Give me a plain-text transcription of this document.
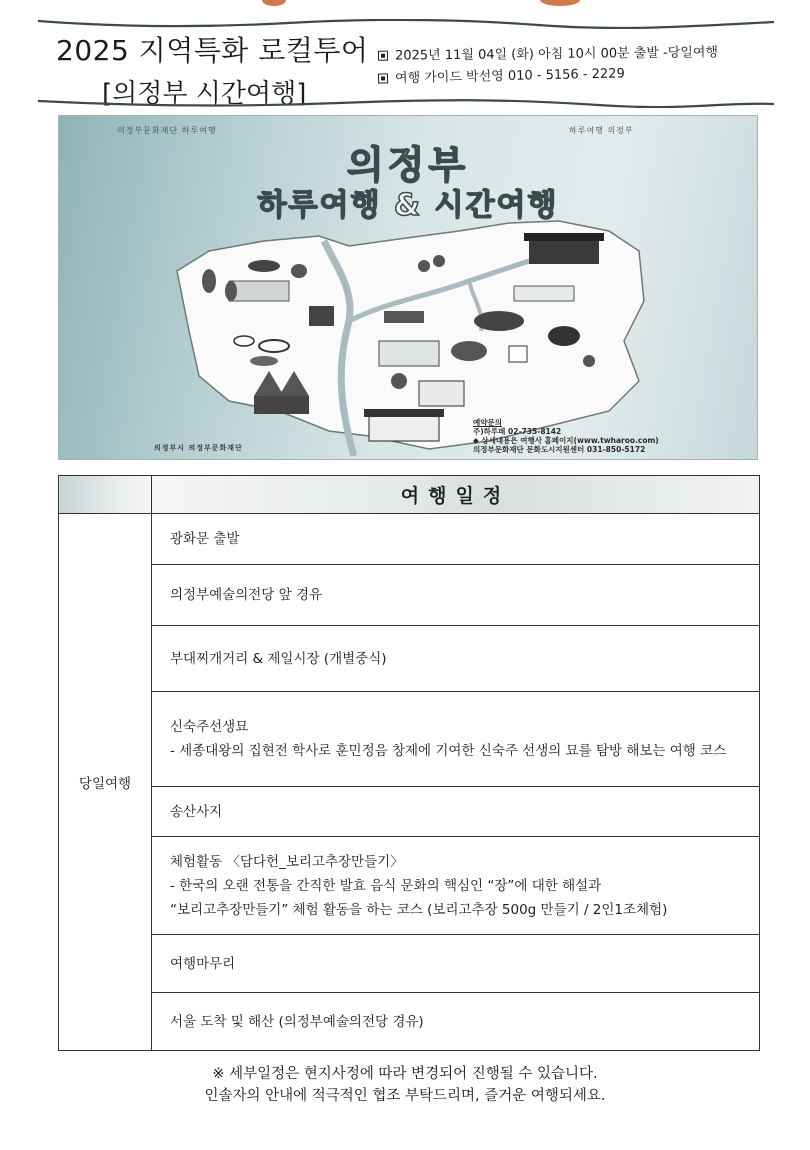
2025 지역특화 로컬투어
[의정부 시간여행]
2025년 11월 04일 (화) 아침 10시 00분 출발 -당일여행
여행 가이드 박선영 010 - 5156 - 2229
의정부문화재단 하루여행	하루여행 의정부
의정부
하루여행 & 시간여행
예약문의
주)하루패 02-735-8142
◆ 상세내용은 여행사 홈페이지(www.twharoo.com)
의정부문화재단 문화도시지원센터 031-850-5172
의정부시 의정부문화재단
	여행일정
당일여행	광화문 출발
	의정부예술의전당 앞 경유
	부대찌개거리 & 제일시장 (개별중식)

	신숙주선생묘
- 세종대왕의 집현전 학사로 훈민정음 창제에 기여한 신숙주 선생의 묘를 탐방 해보는 여행 코스

	송산사지

	체험활동 〈담다헌_보리고추장만들기〉
- 한국의 오랜 전통을 간직한 발효 음식 문화의 핵심인 “장”에 대한 해설과
“보리고추장만들기” 체험 활동을 하는 코스 (보리고추장 500g 만들기 / 2인1조체험)

	여행마무리
	서울 도착 및 해산 (의정부예술의전당 경유)
※ 세부일정은 현지사정에 따라 변경되어 진행될 수 있습니다.
인솔자의 안내에 적극적인 협조 부탁드리며, 즐거운 여행되세요.
